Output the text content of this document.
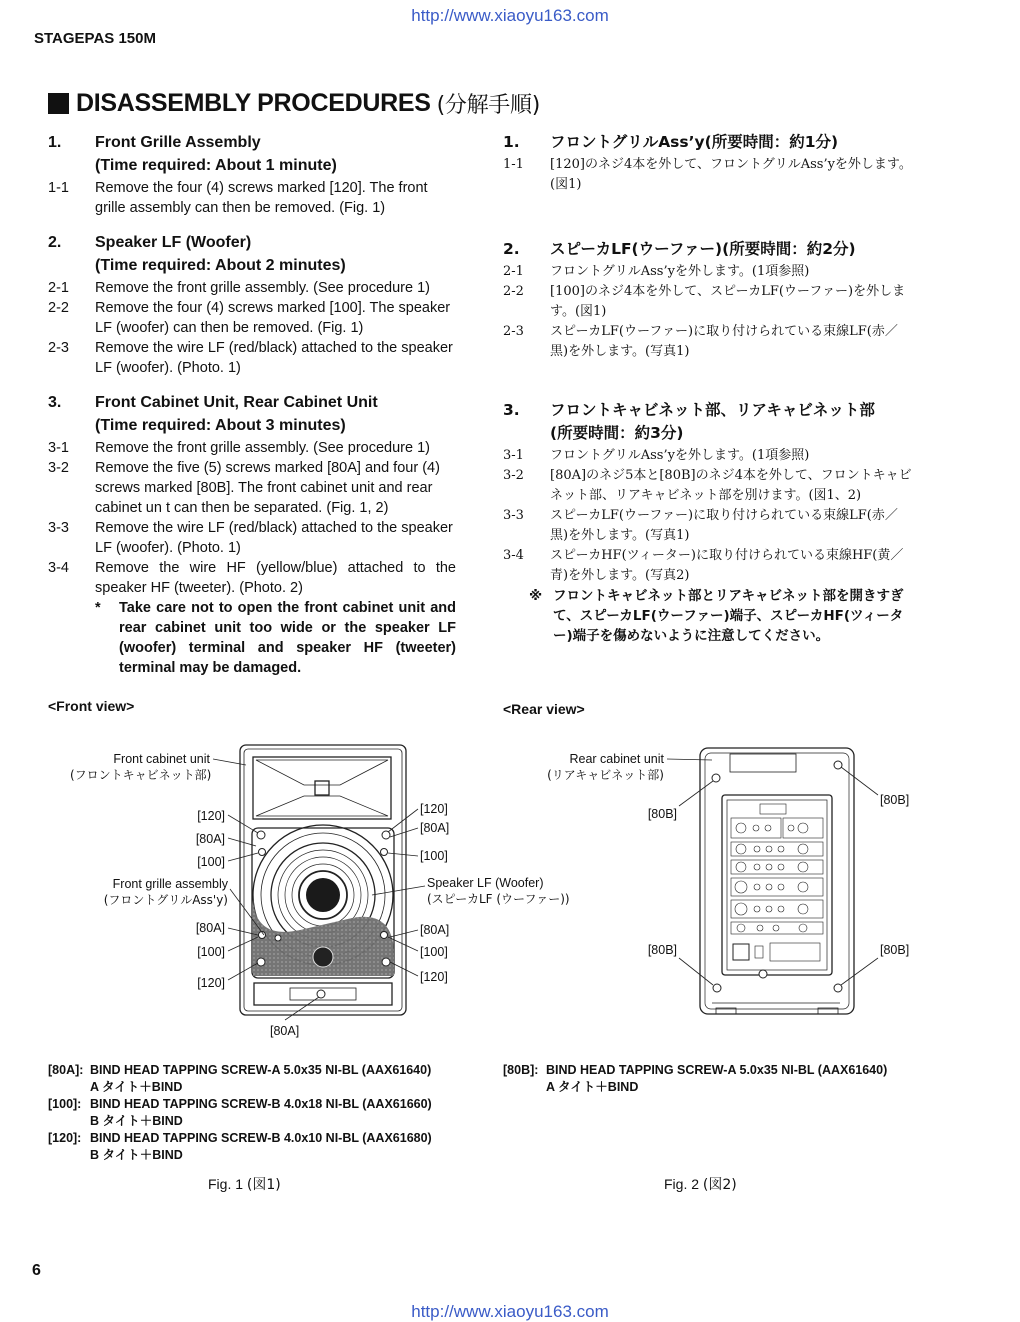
http://www.xiaoyu163.com
STAGEPAS 150M
DISASSEMBLY PROCEDURES (分解手順)
1.	Front Grille Assembly
(Time required: About 1 minute)
1-1	Remove the four (4) screws marked [120]. The front grille assembly can then be removed. (Fig. 1)
2.	Speaker LF (Woofer)
(Time required: About 2 minutes)
2-1	Remove the front grille assembly. (See procedure 1)
2-2	Remove the four (4) screws marked [100]. The speaker LF (woofer) can then be removed. (Fig. 1)
2-3	Remove the wire LF (red/black) attached to the speaker LF (woofer). (Photo. 1)
3.	Front Cabinet Unit, Rear Cabinet Unit
(Time required: About 3 minutes)
3-1	Remove the front grille assembly. (See procedure 1)
3-2	Remove the five (5) screws marked [80A] and four (4) screws marked [80B]. The front cabinet unit and rear cabinet un t can then be separated. (Fig. 1, 2)
3-3	Remove the wire LF (red/black) attached to the speaker LF (woofer). (Photo. 1)
3-4	Remove the wire HF (yellow/blue) attached to the speaker HF (tweeter). (Photo. 2)
*	Take care not to open the front cabinet unit and rear cabinet unit too wide or the speaker LF (woofer) terminal and speaker HF (tweeter) terminal may be damaged.
1.	フロントグリルAss’y(所要時間：約1分)
1-1	[120]のネジ4本を外して、フロントグリルAss’yを外します。(図1)
2.	スピーカLF(ウーファー)(所要時間：約2分)
2-1	フロントグリルAss’yを外します。(1項参照)
2-2	[100]のネジ4本を外して、スピーカLF(ウーファー)を外します。(図1)
2-3	スピーカLF(ウーファー)に取り付けられている束線LF(赤／黒)を外します。(写真1)
3.	フロントキャビネット部、リアキャビネット部
(所要時間：約3分)
3-1	フロントグリルAss’yを外します。(1項参照)
3-2	[80A]のネジ5本と[80B]のネジ4本を外して、フロントキャビネット部、リアキャビネット部を別けます。(図1、2)
3-3	スピーカLF(ウーファー)に取り付けられている束線LF(赤／黒)を外します。(写真1)
3-4	スピーカHF(ツィーター)に取り付けられている束線HF(黄／青)を外します。(写真2)
※ フロントキャビネット部とリアキャビネット部を開きすぎて、スピーカLF(ウーファー)端子、スピーカHF(ツィーター)端子を傷めないように注意してください。
<Front view>	<Rear view>
Front cabinet unit
(フロントキャビネット部)
[120]
[80A]
[100]
Front grille assembly
(フロントグリルAss'y)
[80A]
[100]
[120]
[120]
[80A]
[100]
Speaker LF (Woofer)
(スピーカLF (ウーファー))
[80A]
[100]
[120]
[80A]
Rear cabinet unit
(リアキャビネット部)
[80B]
[80B]
[80B]	[80B]
[80A]: BIND HEAD TAPPING SCREW-A 5.0x35 NI-BL (AAX61640)
A タイト＋BIND
[100]: BIND HEAD TAPPING SCREW-B 4.0x18 NI-BL (AAX61660)
B タイト＋BIND
[120]: BIND HEAD TAPPING SCREW-B 4.0x10 NI-BL (AAX61680)
B タイト＋BIND
[80B]: BIND HEAD TAPPING SCREW-A 5.0x35 NI-BL (AAX61640)
A タイト＋BIND
Fig. 1 (図1)	Fig. 2 (図2)
6
http://www.xiaoyu163.com
